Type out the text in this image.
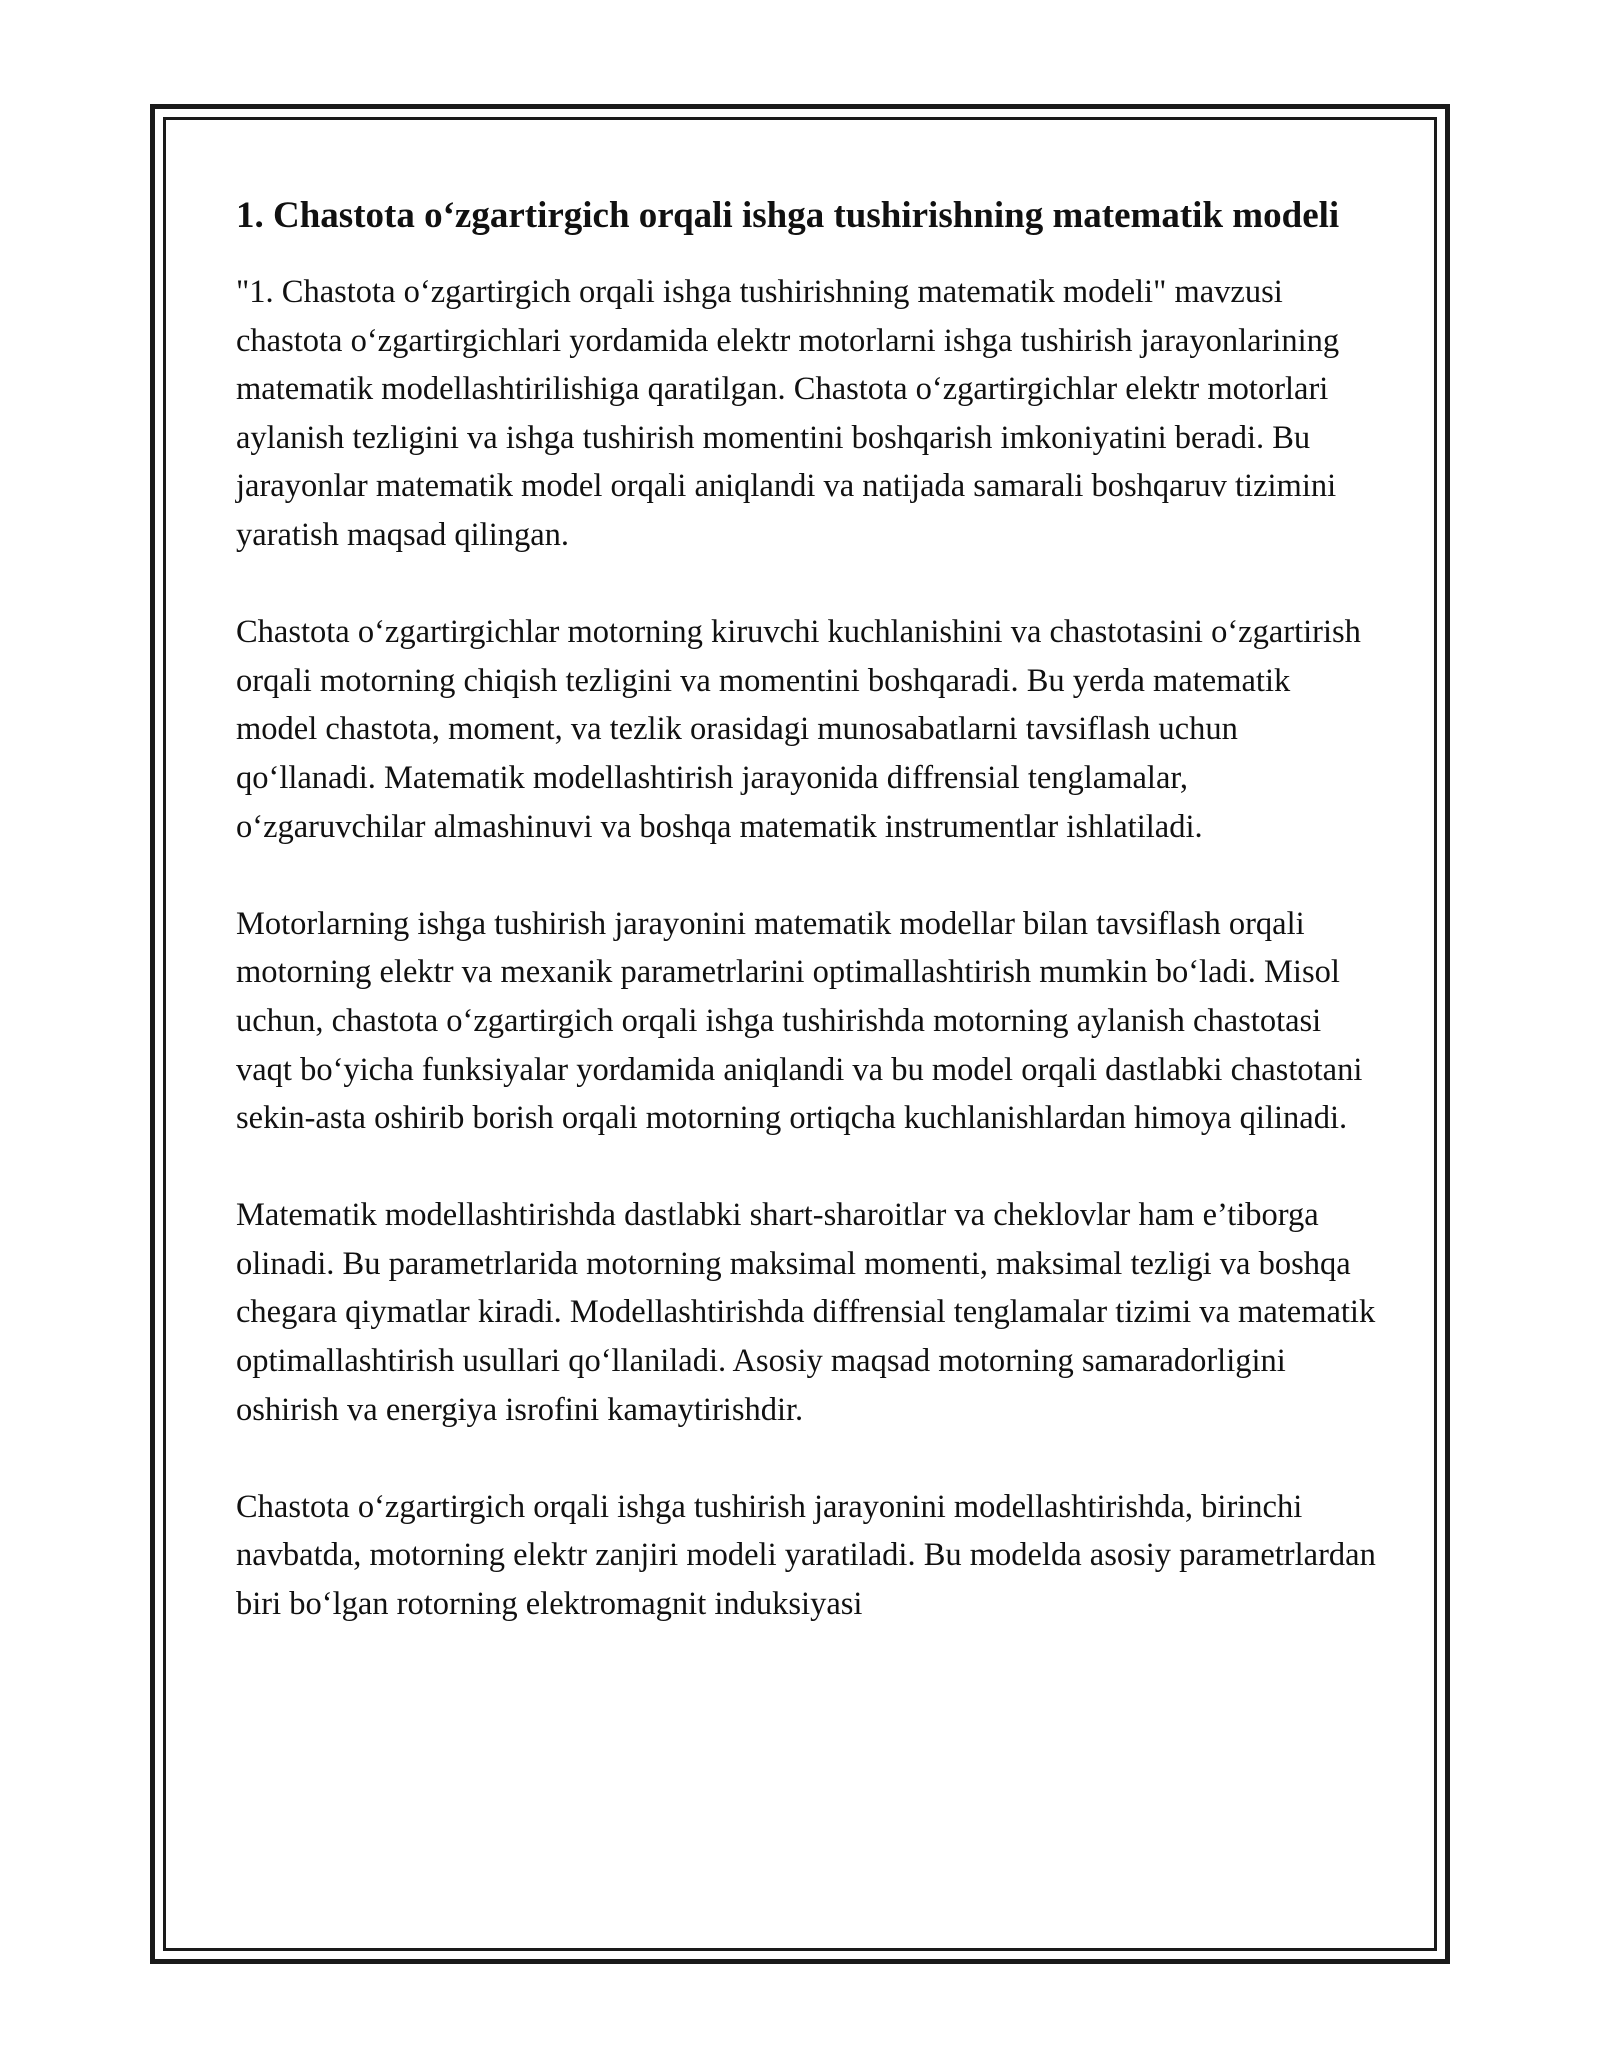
1. Chastota o‘zgartirgich orqali ishga tushirishning matematik modeli

"1. Chastota o‘zgartirgich orqali ishga tushirishning matematik modeli" mavzusi chastota o‘zgartirgichlari yordamida elektr motorlarni ishga tushirish jarayonlarining matematik modellashtirilishiga qaratilgan. Chastota o‘zgartirgichlar elektr motorlari aylanish tezligini va ishga tushirish momentini boshqarish imkoniyatini beradi. Bu jarayonlar matematik model orqali aniqlandi va natijada samarali boshqaruv tizimini yaratish maqsad qilingan.

Chastota o‘zgartirgichlar motorning kiruvchi kuchlanishini va chastotasini o‘zgartirish orqali motorning chiqish tezligini va momentini boshqaradi. Bu yerda matematik model chastota, moment, va tezlik orasidagi munosabatlarni tavsiflash uchun qo‘llanadi. Matematik modellashtirish jarayonida diffrensial tenglamalar, o‘zgaruvchilar almashinuvi va boshqa matematik instrumentlar ishlatiladi.

Motorlarning ishga tushirish jarayonini matematik modellar bilan tavsiflash orqali motorning elektr va mexanik parametrlarini optimallashtirish mumkin bo‘ladi. Misol uchun, chastota o‘zgartirgich orqali ishga tushirishda motorning aylanish chastotasi vaqt bo‘yicha funksiyalar yordamida aniqlandi va bu model orqali dastlabki chastotani sekin-asta oshirib borish orqali motorning ortiqcha kuchlanishlardan himoya qilinadi.

Matematik modellashtirishda dastlabki shart-sharoitlar va cheklovlar ham e’tiborga olinadi. Bu parametrlarida motorning maksimal momenti, maksimal tezligi va boshqa chegara qiymatlar kiradi. Modellashtirishda diffrensial tenglamalar tizimi va matematik optimallashtirish usullari qo‘llaniladi. Asosiy maqsad motorning samaradorligini oshirish va energiya isrofini kamaytirishdir.

Chastota o‘zgartirgich orqali ishga tushirish jarayonini modellashtirishda, birinchi navbatda, motorning elektr zanjiri modeli yaratiladi. Bu modelda asosiy parametrlardan biri bo‘lgan rotorning elektromagnit induksiyasi
